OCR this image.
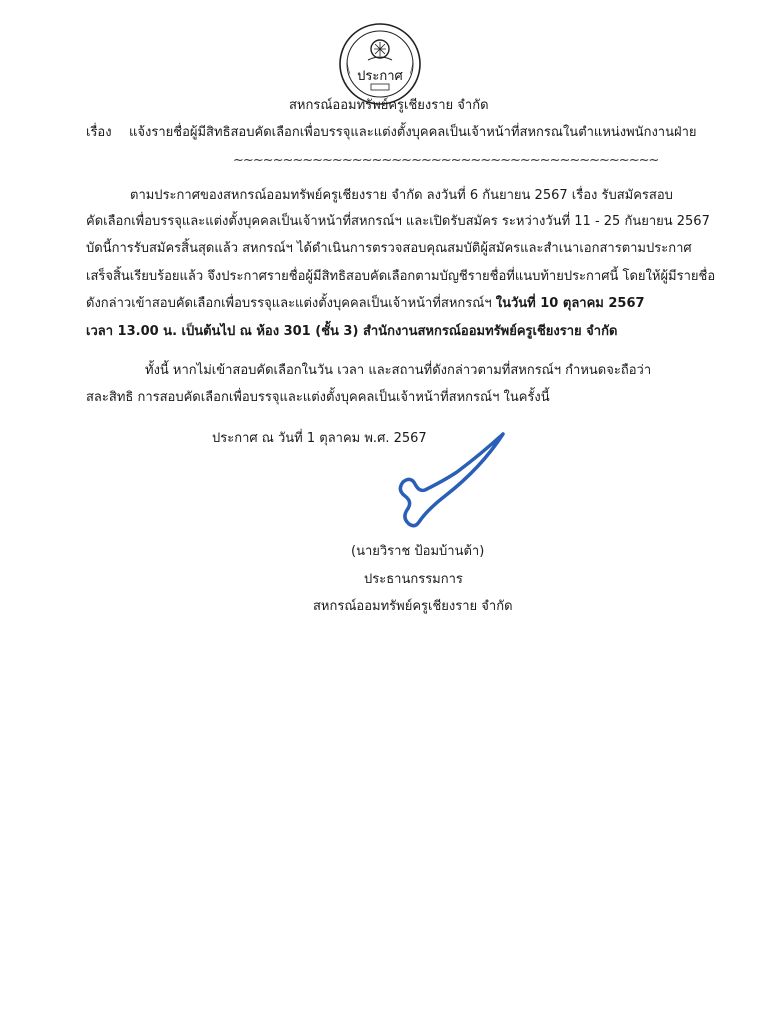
ประกาศ
สหกรณ์ออมทรัพย์ครูเชียงราย จำกัด
เรื่อง แจ้งรายชื่อผู้มีสิทธิสอบคัดเลือกเพื่อบรรจุและแต่งตั้งบุคคลเป็นเจ้าหน้าที่สหกรณในตำแหน่งพนักงานฝ่าย
~~~~~~~~~~~~~~~~~~~~~~~~~~~~~~~~~~~~~~~~~~~
ตามประกาศของสหกรณ์ออมทรัพย์ครูเชียงราย จำกัด ลงวันที่ 6 กันยายน 2567 เรื่อง รับสมัครสอบ
คัดเลือกเพื่อบรรจุและแต่งตั้งบุคคลเป็นเจ้าหน้าที่สหกรณ์ฯ และเปิดรับสมัคร ระหว่างวันที่ 11 - 25 กันยายน 2567
บัดนี้การรับสมัครสิ้นสุดแล้ว สหกรณ์ฯ ได้ดำเนินการตรวจสอบคุณสมบัติผู้สมัครและสำเนาเอกสารตามประกาศ
เสร็จสิ้นเรียบร้อยแล้ว จึงประกาศรายชื่อผู้มีสิทธิสอบคัดเลือกตามบัญชีรายชื่อที่แนบท้ายประกาศนี้ โดยให้ผู้มีรายชื่อ
ดังกล่าวเข้าสอบคัดเลือกเพื่อบรรจุและแต่งตั้งบุคคลเป็นเจ้าหน้าที่สหกรณ์ฯ ในวันที่ 10 ตุลาคม 2567
เวลา 13.00 น. เป็นต้นไป ณ ห้อง 301 (ชั้น 3) สำนักงานสหกรณ์ออมทรัพย์ครูเชียงราย จำกัด
ทั้งนี้ หากไม่เข้าสอบคัดเลือกในวัน เวลา และสถานที่ดังกล่าวตามที่สหกรณ์ฯ กำหนดจะถือว่า
สละสิทธิ การสอบคัดเลือกเพื่อบรรจุและแต่งตั้งบุคคลเป็นเจ้าหน้าที่สหกรณ์ฯ ในครั้งนี้
ประกาศ ณ วันที่ 1 ตุลาคม พ.ศ. 2567
(นายวิราช ป้อมบ้านต้า)
ประธานกรรมการ
สหกรณ์ออมทรัพย์ครูเชียงราย จำกัด
